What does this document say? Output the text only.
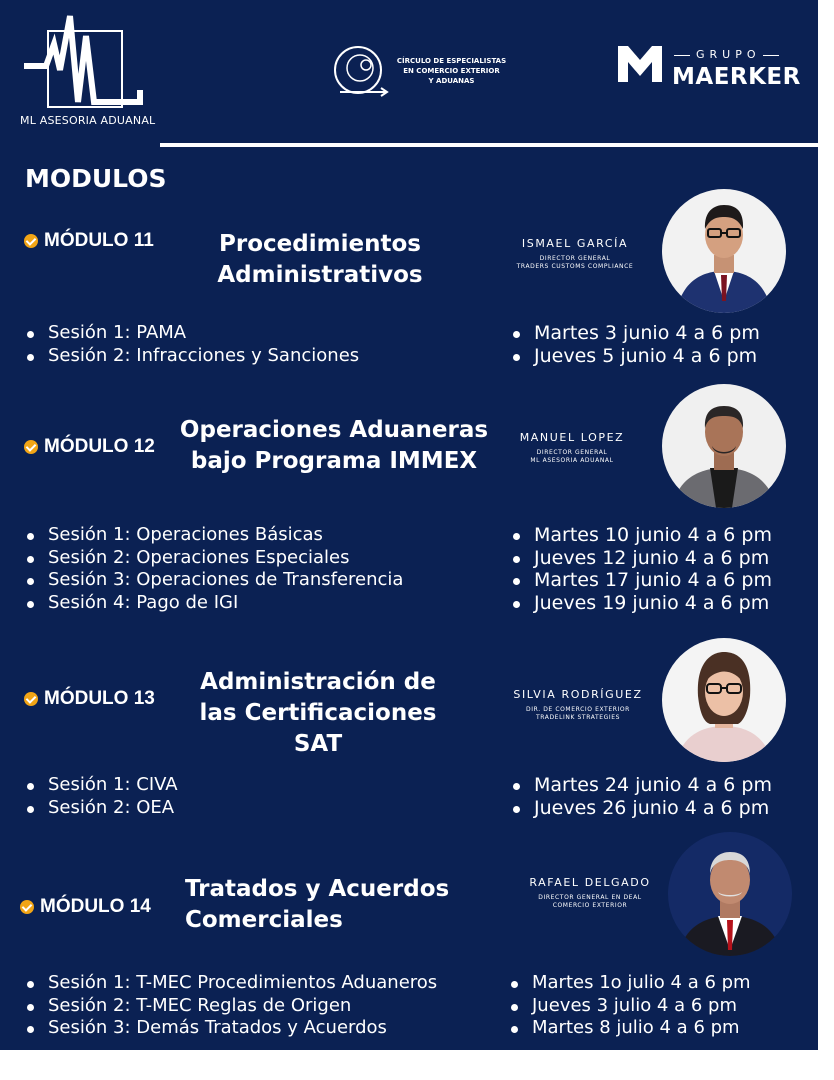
ML ASESORIA ADUANAL
CÍRCULO DE ESPECIALISTAS
EN COMERCIO EXTERIOR
Y ADUANAS
GRUPO
MAERKER
MODULOS
MÓDULO 11	Procedimientos
Administrativos
ISMAEL GARCÍA
DIRECTOR GENERAL
TRADERS CUSTOMS COMPLIANCE
Sesión 1: PAMA
Sesión 2: Infracciones y Sanciones
Martes 3 junio 4 a 6 pm
Jueves 5 junio 4 a 6 pm
MÓDULO 12
Operaciones Aduaneras
bajo Programa IMMEX
MANUEL LOPEZ
DIRECTOR GENERAL
ML ASESORIA ADUANAL
Sesión 1: Operaciones Básicas
Sesión 2: Operaciones Especiales
Sesión 3: Operaciones de Transferencia
Sesión 4: Pago de IGI
Martes 10 junio 4 a 6 pm
Jueves 12 junio 4 a 6 pm
Martes 17 junio 4 a 6 pm
Jueves 19 junio 4 a 6 pm
MÓDULO 13
Administración de
las Certificaciones
SAT
SILVIA RODRÍGUEZ
DIR. DE COMERCIO EXTERIOR
TRADELINK STRATEGIES
Sesión 1: CIVA
Sesión 2: OEA
Martes 24 junio 4 a 6 pm
Jueves 26 junio 4 a 6 pm
MÓDULO 14
Tratados y Acuerdos
Comerciales
RAFAEL DELGADO
DIRECTOR GENERAL EN DEAL
COMERCIO EXTERIOR
Sesión 1: T-MEC Procedimientos Aduaneros
Sesión 2: T-MEC Reglas de Origen
Sesión 3: Demás Tratados y Acuerdos
Martes 1o julio 4 a 6 pm
Jueves 3 julio 4 a 6 pm
Martes 8 julio 4 a 6 pm
